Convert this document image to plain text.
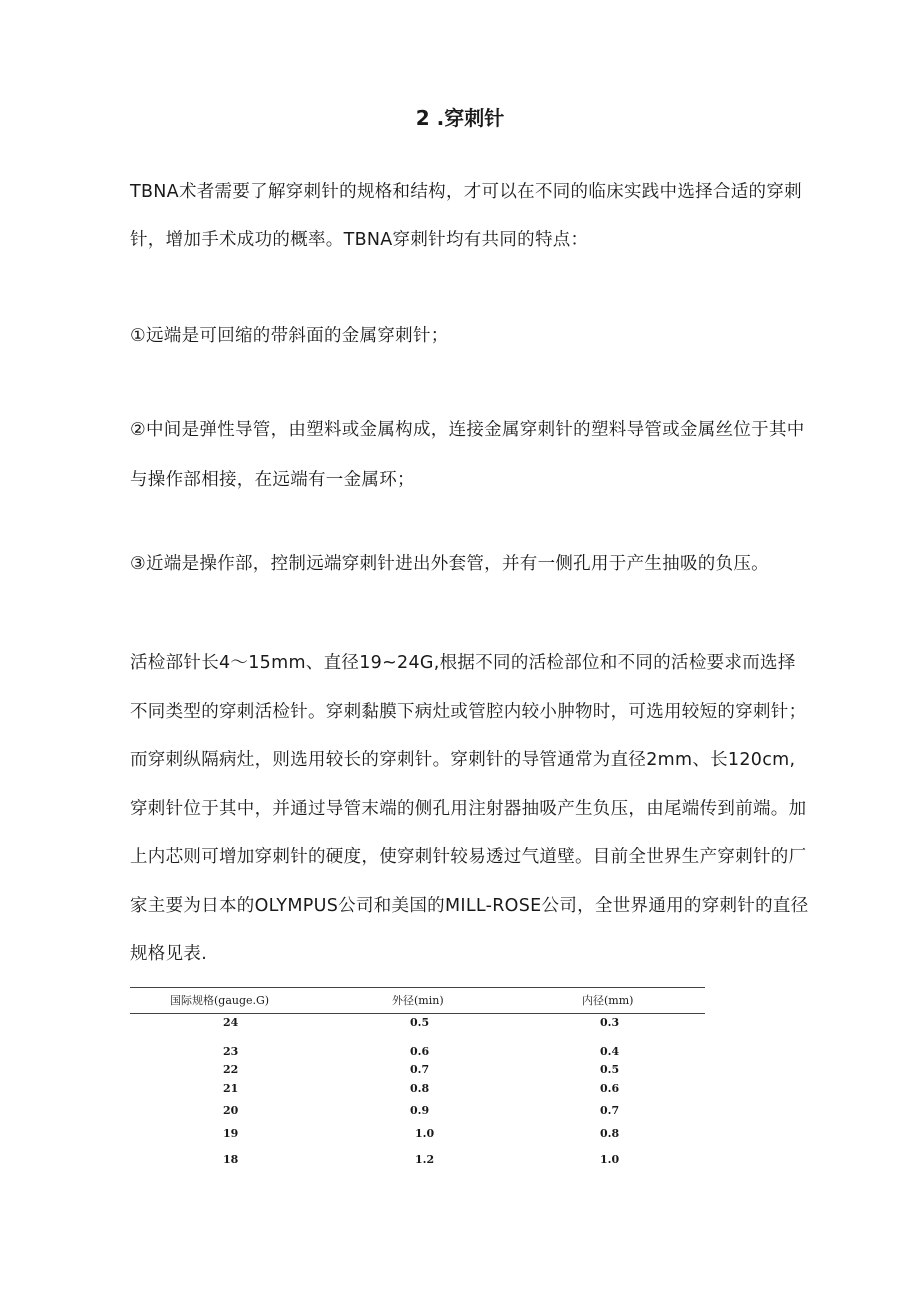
2 .穿刺针

TBNA术者需要了解穿刺针的规格和结构，才可以在不同的临床实践中选择合适的穿刺针，增加手术成功的概率。TBNA穿刺针均有共同的特点：

①远端是可回缩的带斜面的金属穿刺针；

②中间是弹性导管，由塑料或金属构成，连接金属穿刺针的塑料导管或金属丝位于其中与操作部相接，在远端有一金属环；

③近端是操作部，控制远端穿刺针进出外套管，并有一侧孔用于产生抽吸的负压。

活检部针长4～15mm、直径19~24G,根据不同的活检部位和不同的活检要求而选择不同类型的穿刺活检针。穿刺黏膜下病灶或管腔内较小肿物时，可选用较短的穿刺针；而穿刺纵隔病灶，则选用较长的穿刺针。穿刺针的导管通常为直径2mm、长120cm,穿刺针位于其中，并通过导管末端的侧孔用注射器抽吸产生负压，由尾端传到前端。加上内芯则可增加穿刺针的硬度，使穿刺针较易透过气道壁。目前全世界生产穿刺针的厂家主要为日本的OLYMPUS公司和美国的MILL-ROSE公司，全世界通用的穿刺针的直径规格见表.

国际规格(gauge.G)	外径(min)	内径(mm)
24	0.5	0.3
23	0.6	0.4
22	0.7	0.5
21	0.8	0.6
20	0.9	0.7
19	1.0	0.8
18	1.2	1.0
